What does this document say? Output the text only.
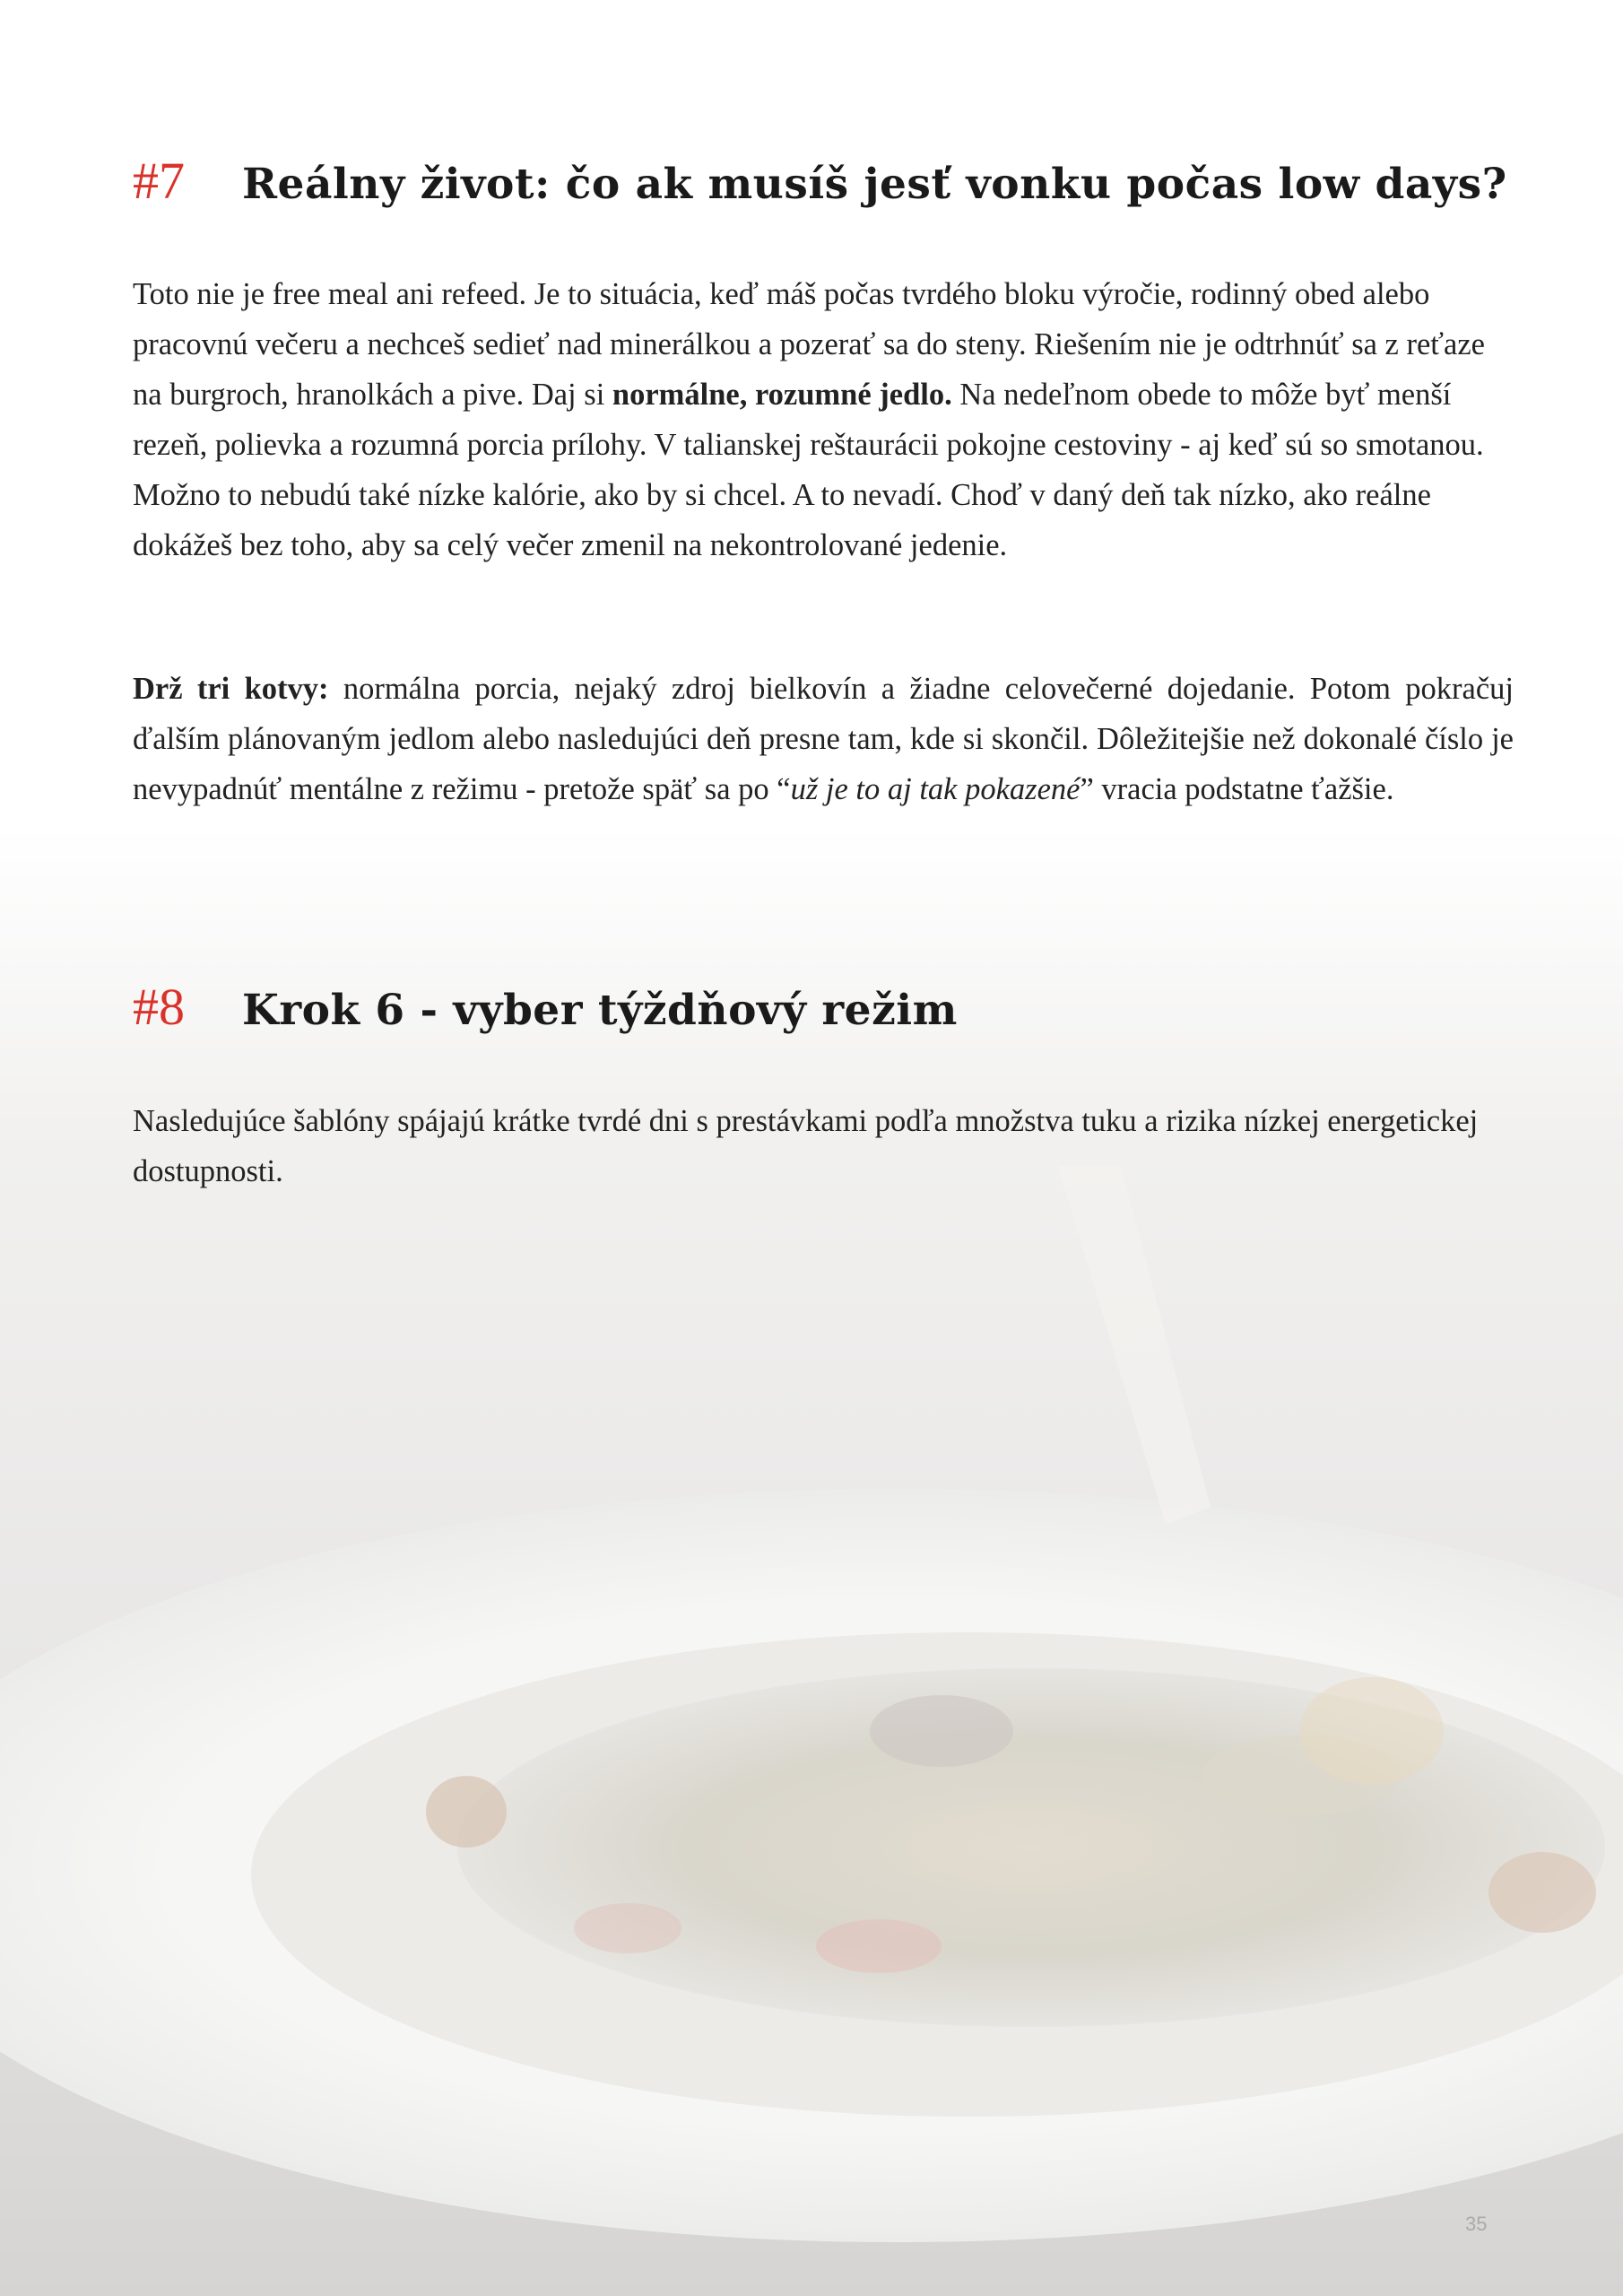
#7	Reálny život: čo ak musíš jesť vonku počas low days?

Toto nie je free meal ani refeed. Je to situácia, keď máš počas tvrdého bloku výročie, rodinný obed alebo pracovnú večeru a nechceš sedieť nad minerálkou a pozerať sa do steny. Riešením nie je odtrhnúť sa z reťaze na burgroch, hranolkách a pive. Daj si normálne, rozumné jedlo. Na nedeľnom obede to môže byť menší rezeň, polievka a rozumná porcia prílohy. V talianskej reštaurácii pokojne cestoviny - aj keď sú so smotanou. Možno to nebudú také nízke kalórie, ako by si chcel. A to nevadí. Choď v daný deň tak nízko, ako reálne dokážeš bez toho, aby sa celý večer zmenil na nekontrolované jedenie.

Drž tri kotvy: normálna porcia, nejaký zdroj bielkovín a žiadne celovečerné dojedanie. Potom pokračuj ďalším plánovaným jedlom alebo nasledujúci deň presne tam, kde si skončil. Dôležitejšie než dokonalé číslo je nevypadnúť mentálne z režimu - pretože späť sa po “už je to aj tak pokazené” vracia podstatne ťažšie.

#8	Krok 6 - vyber týždňový režim

Nasledujúce šablóny spájajú krátke tvrdé dni s prestávkami podľa množstva tuku a rizika nízkej energetickej dostupnosti.

35
